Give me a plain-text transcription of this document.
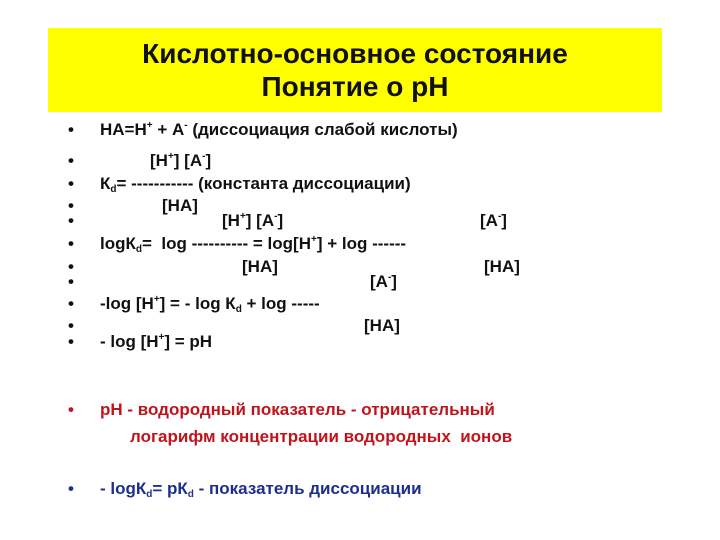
Кислотно-основное состояние
Понятие о рН

•

	НА=Н+ + А- (диссоциация слабой кислоты)

•

	[Н+] [А-]

•

	$К_d=$ ----------- (константа диссоциации)

•

	[НА]

•

	[Н+] [А-]

	[А-]

•

	logК$_d$=  log ---------- = log[Н+] + log ------

•

	[НА]

	[НА]

•

	[А-]

•

	-log [Н+] = - $\log К_d + \log$ -----

•

	[НА]

•

	- log [Н+] = рН

•

	рН - водородный показатель - отрицательный

логарифм концентрации водородных  ионов

•

	- $\log К_d= рК_d$ - показатель диссоциации
